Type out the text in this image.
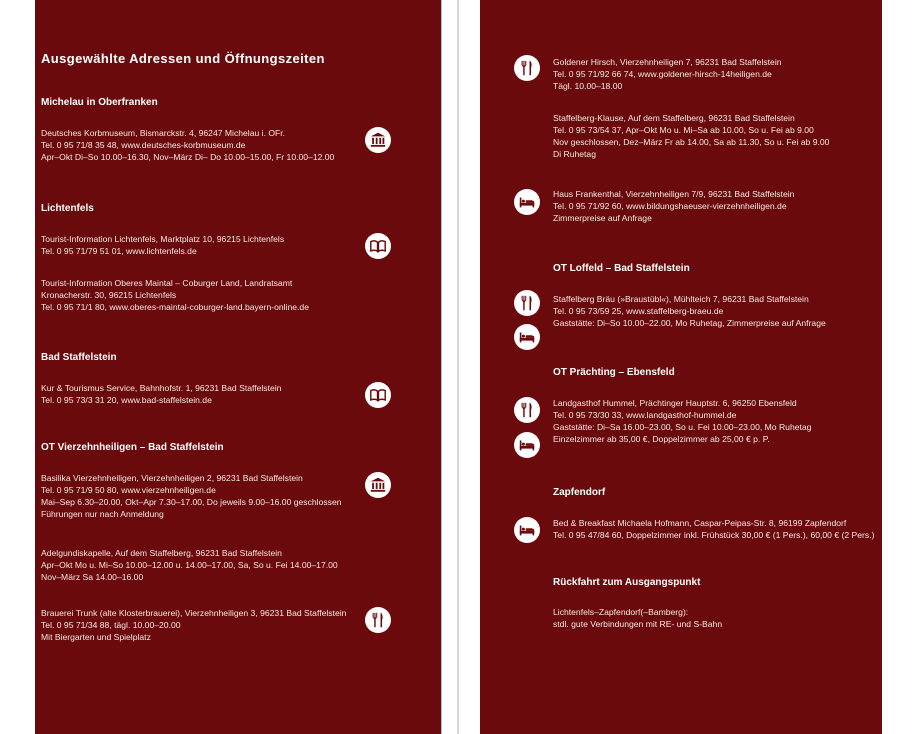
Ausgewählte Adressen und Öffnungszeiten
Michelau in Oberfranken
Deutsches Korbmuseum, Bismarckstr. 4, 96247 Michelau i. OFr.
Tel. 0 95 71/8 35 48, www.deutsches-korbmuseum.de
Apr–Okt Di–So 10.00–16.30, Nov–März Di– Do 10.00–15.00, Fr 10.00–12.00
Lichtenfels
Tourist-Information Lichtenfels, Marktplatz 10, 96215 Lichtenfels
Tel. 0 95 71/79 51 01, www.lichtenfels.de
Tourist-Information Oberes Maintal – Coburger Land, Landratsamt
Kronacherstr. 30, 96215 Lichtenfels
Tel. 0 95 71/1 80, www.oberes-maintal-coburger-land.bayern-online.de
Bad Staffelstein
Kur & Tourismus Service, Bahnhofstr. 1, 96231 Bad Staffelstein
Tel. 0 95 73/3 31 20, www.bad-staffelstein.de
OT Vierzehnheiligen – Bad Staffelstein
Basilika Vierzehnheiligen, Vierzehnheiligen 2, 96231 Bad Staffelstein
Tel. 0 95 71/9 50 80, www.vierzehnheiligen.de
Mai–Sep 6.30–20.00, Okt–Apr 7.30–17.00, Do jeweils 9.00–16.00 geschlossen
Führungen nur nach Anmeldung
Adelgundiskapelle, Auf dem Staffelberg, 96231 Bad Staffelstein
Apr–Okt Mo u. Mi–So 10.00–12.00 u. 14.00–17.00, Sa, So u. Fei 14.00–17.00
Nov–März Sa 14.00–16.00
Brauerei Trunk (alte Klosterbrauerei), Vierzehnheiligen 3, 96231 Bad Staffelstein
Tel. 0 95 71/34 88, tägl. 10.00–20.00
Mit Biergarten und Spielplatz
Goldener Hirsch, Vierzehnheiligen 7, 96231 Bad Staffelstein
Tel. 0 95 71/92 66 74, www.goldener-hirsch-14heiligen.de
Tägl. 10.00–18.00
Staffelberg-Klause, Auf dem Staffelberg, 96231 Bad Staffelstein
Tel. 0 95 73/54 37, Apr–Okt Mo u. Mi–Sa ab 10.00, So u. Fei ab 9.00
Nov geschlossen, Dez–März Fr ab 14.00, Sa ab 11.30, So u. Fei ab 9.00
Di Ruhetag
Haus Frankenthal, Vierzehnheiligen 7/9, 96231 Bad Staffelstein
Tel. 0 95 71/92 60, www.bildungshaeuser-vierzehnheiligen.de
Zimmerpreise auf Anfrage
OT Loffeld – Bad Staffelstein
Staffelberg Bräu (»Braustübl«), Mühlteich 7, 96231 Bad Staffelstein
Tel. 0 95 73/59 25, www.staffelberg-braeu.de
Gaststätte: Di–So 10.00–22.00, Mo Ruhetag, Zimmerpreise auf Anfrage
OT Prächting – Ebensfeld
Landgasthof Hummel, Prächtinger Hauptstr. 6, 96250 Ebensfeld
Tel. 0 95 73/30 33, www.landgasthof-hummel.de
Gaststätte: Di–Sa 16.00–23.00, So u. Fei 10.00–23.00, Mo Ruhetag
Einzelzimmer ab 35,00 €, Doppelzimmer ab 25,00 € p. P.
Zapfendorf
Bed & Breakfast Michaela Hofmann, Caspar-Peipas-Str. 8, 96199 Zapfendorf
Tel. 0 95 47/84 60, Doppelzimmer inkl. Frühstück 30,00 € (1 Pers.), 60,00 € (2 Pers.)
Rückfahrt zum Ausgangspunkt
Lichtenfels–Zapfendorf(–Bamberg):
stdl. gute Verbindungen mit RE- und S-Bahn
